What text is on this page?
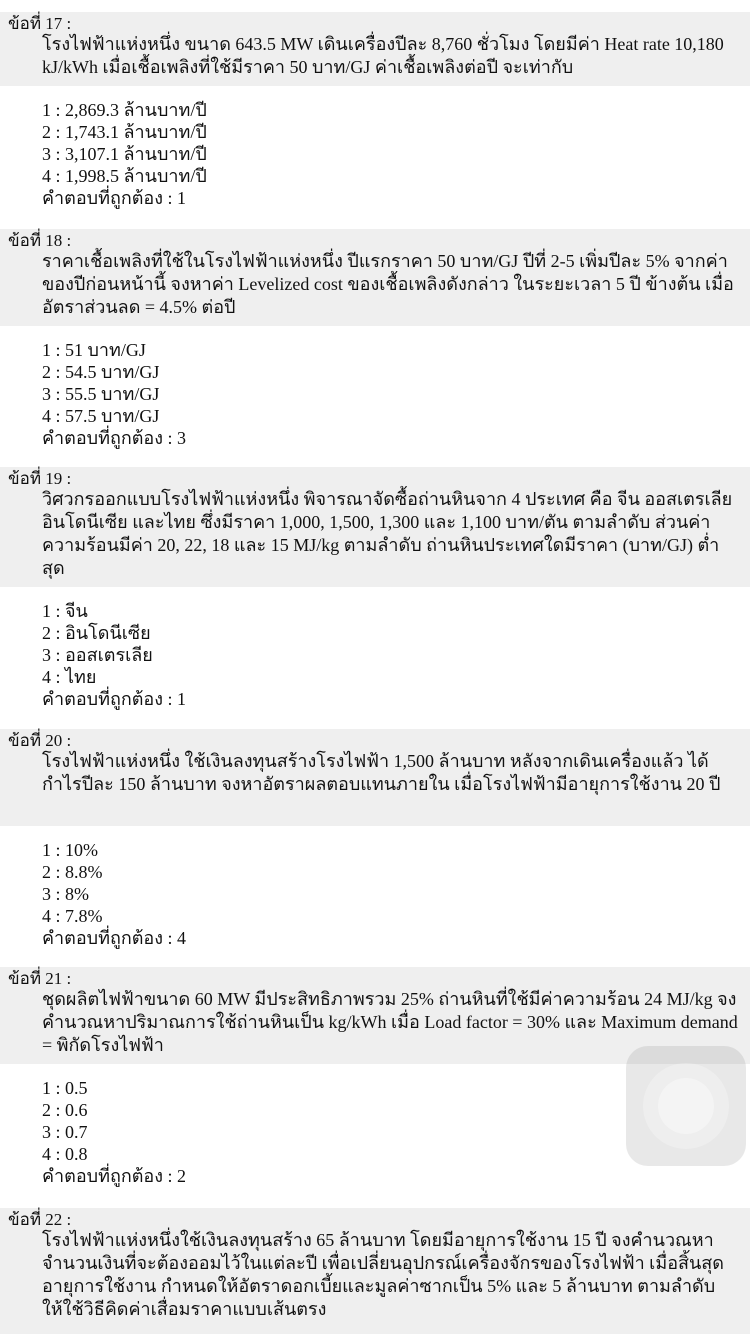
ข้อที่ 17 :
โรงไฟฟ้าแห่งหนึ่ง ขนาด 643.5 MW เดินเครื่องปีละ 8,760 ชั่วโมง โดยมีค่า Heat rate 10,180 kJ/kWh เมื่อเชื้อเพลิงที่ใช้มีราคา 50 บาท/GJ ค่าเชื้อเพลิงต่อปี จะเท่ากับ
1 : 2,869.3 ล้านบาท/ปี
2 : 1,743.1 ล้านบาท/ปี
3 : 3,107.1 ล้านบาท/ปี
4 : 1,998.5 ล้านบาท/ปี
คำตอบที่ถูกต้อง : 1
ข้อที่ 18 :
ราคาเชื้อเพลิงที่ใช้ในโรงไฟฟ้าแห่งหนึ่ง ปีแรกราคา 50 บาท/GJ ปีที่ 2-5 เพิ่มปีละ 5% จากค่าของปีก่อนหน้านี้ จงหาค่า Levelized cost ของเชื้อเพลิงดังกล่าว ในระยะเวลา 5 ปี ข้างต้น เมื่ออัตราส่วนลด = 4.5% ต่อปี
1 : 51 บาท/GJ
2 : 54.5 บาท/GJ
3 : 55.5 บาท/GJ
4 : 57.5 บาท/GJ
คำตอบที่ถูกต้อง : 3
ข้อที่ 19 :
วิศวกรออกแบบโรงไฟฟ้าแห่งหนึ่ง พิจารณาจัดซื้อถ่านหินจาก 4 ประเทศ คือ จีน ออสเตรเลีย อินโดนีเซีย และไทย ซึ่งมีราคา 1,000, 1,500, 1,300 และ 1,100 บาท/ตัน ตามลำดับ ส่วนค่าความร้อนมีค่า 20, 22, 18 และ 15 MJ/kg ตามลำดับ ถ่านหินประเทศใดมีราคา (บาท/GJ) ต่ำสุด
1 : จีน
2 : อินโดนีเซีย
3 : ออสเตรเลีย
4 : ไทย
คำตอบที่ถูกต้อง : 1
ข้อที่ 20 :
โรงไฟฟ้าแห่งหนึ่ง ใช้เงินลงทุนสร้างโรงไฟฟ้า 1,500 ล้านบาท หลังจากเดินเครื่องแล้ว ได้กำไรปีละ 150 ล้านบาท จงหาอัตราผลตอบแทนภายใน เมื่อโรงไฟฟ้ามีอายุการใช้งาน 20 ปี
1 : 10%
2 : 8.8%
3 : 8%
4 : 7.8%
คำตอบที่ถูกต้อง : 4
ข้อที่ 21 :
ชุดผลิตไฟฟ้าขนาด 60 MW มีประสิทธิภาพรวม 25% ถ่านหินที่ใช้มีค่าความร้อน 24 MJ/kg จงคำนวณหาปริมาณการใช้ถ่านหินเป็น kg/kWh เมื่อ Load factor = 30% และ Maximum demand = พิกัดโรงไฟฟ้า
1 : 0.5
2 : 0.6
3 : 0.7
4 : 0.8
คำตอบที่ถูกต้อง : 2
ข้อที่ 22 :
โรงไฟฟ้าแห่งหนึ่งใช้เงินลงทุนสร้าง 65 ล้านบาท โดยมีอายุการใช้งาน 15 ปี จงคำนวณหาจำนวนเงินที่จะต้องออมไว้ในแต่ละปี เพื่อเปลี่ยนอุปกรณ์เครื่องจักรของโรงไฟฟ้า เมื่อสิ้นสุดอายุการใช้งาน กำหนดให้อัตราดอกเบี้ยและมูลค่าซากเป็น 5% และ 5 ล้านบาท ตามลำดับ ให้ใช้วิธีคิดค่าเสื่อมราคาแบบเส้นตรง
